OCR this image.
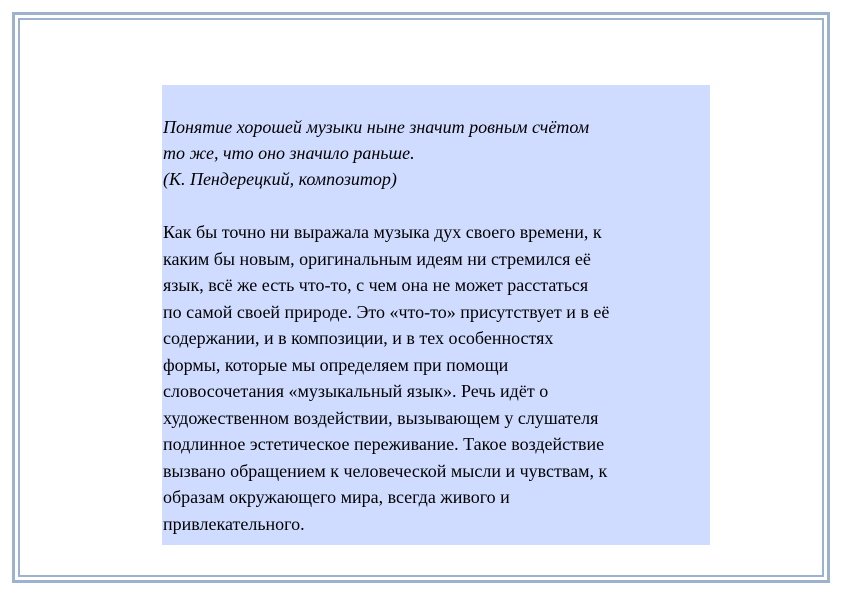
Понятие хорошей музыки ныне значит ровным счётом
то же, что оно значило раньше.
(К. Пендерецкий, композитор)

Как бы точно ни выражала музыка дух своего времени, к
каким бы новым, оригинальным идеям ни стремился её
язык, всё же есть что-то, с чем она не может расстаться
по самой своей природе. Это «что-то» присутствует и в её
содержании, и в композиции, и в тех особенностях
формы, которые мы определяем при помощи
словосочетания «музыкальный язык». Речь идёт о
художественном воздействии, вызывающем у слушателя
подлинное эстетическое переживание. Такое воздействие
вызвано обращением к человеческой мысли и чувствам, к
образам окружающего мира, всегда живого и
привлекательного.
